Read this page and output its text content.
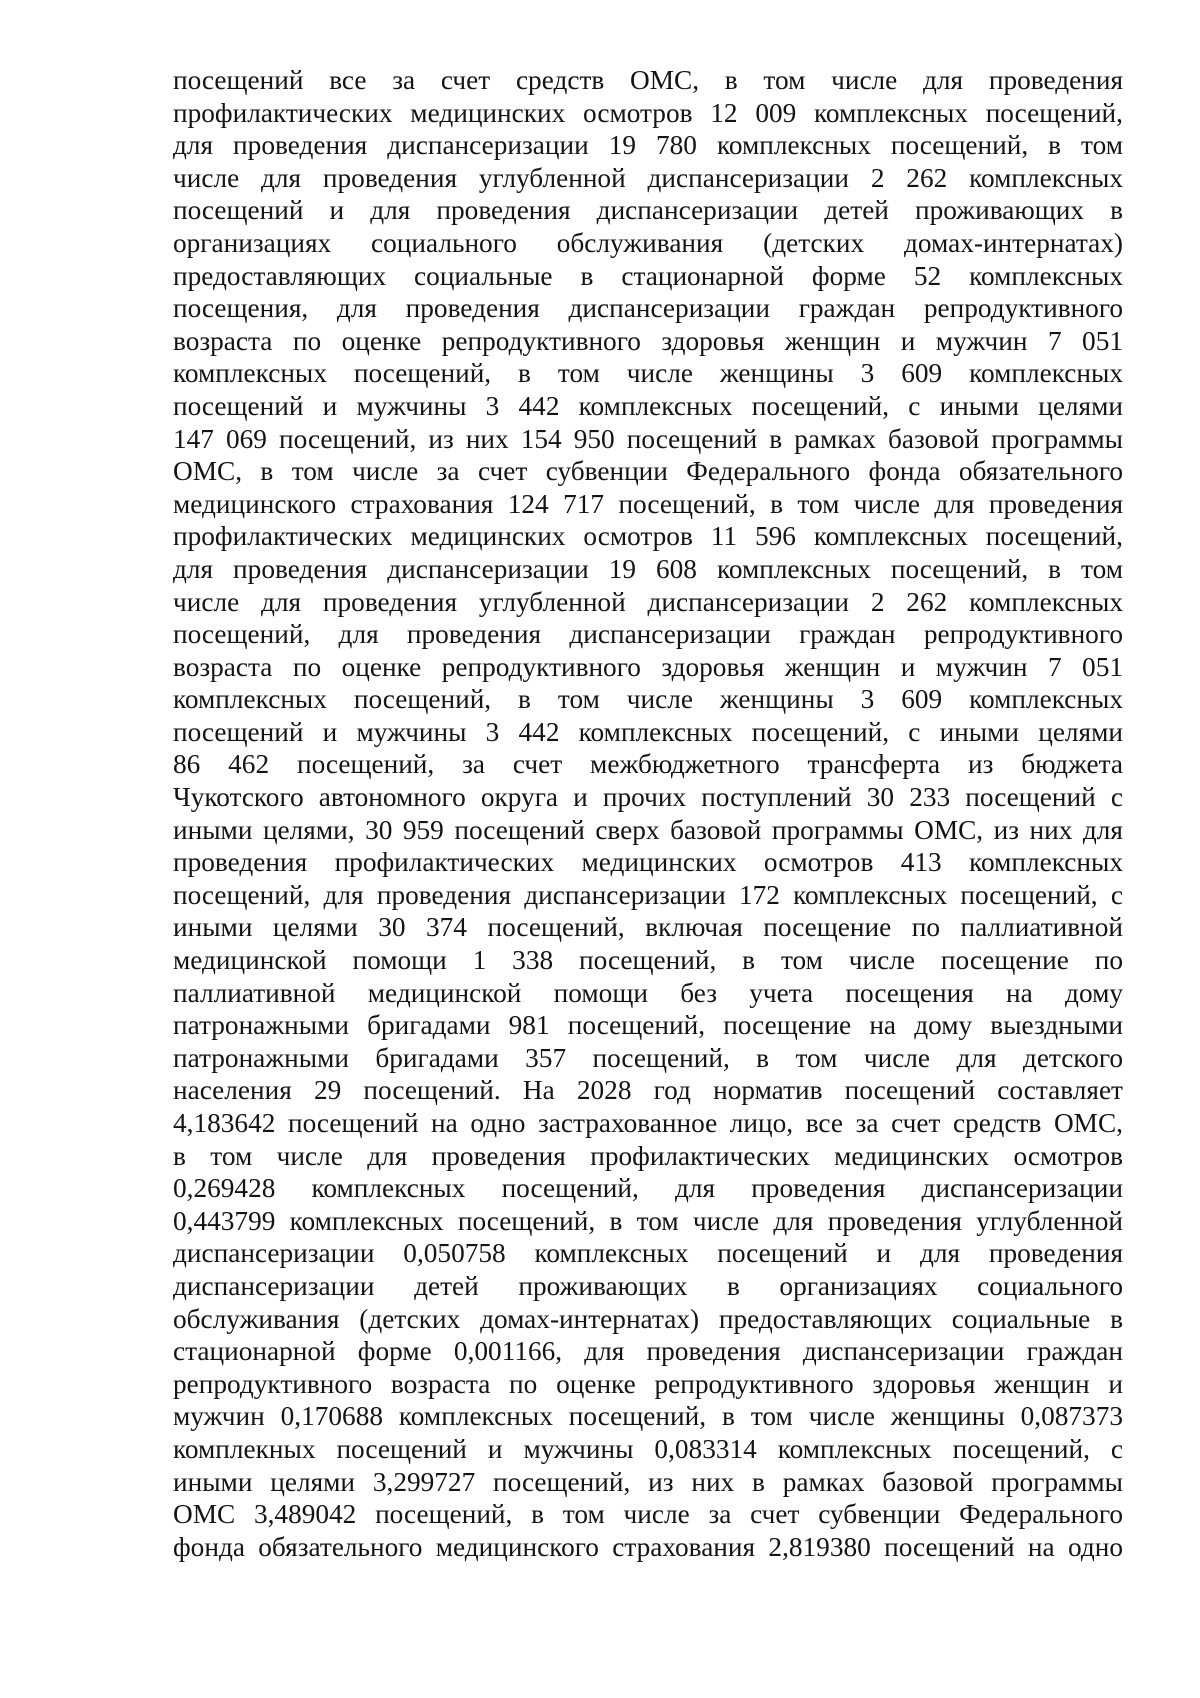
посещений все за счет средств ОМС, в том числе для проведения
профилактических медицинских осмотров 12 009 комплексных посещений,
для проведения диспансеризации 19 780 комплексных посещений, в том
числе для проведения углубленной диспансеризации 2 262 комплексных
посещений и для проведения диспансеризации детей проживающих в
организациях социального обслуживания (детских домах-интернатах)
предоставляющих социальные в стационарной форме 52 комплексных
посещения, для проведения диспансеризации граждан репродуктивного
возраста по оценке репродуктивного здоровья женщин и мужчин 7 051
комплексных посещений, в том числе женщины 3 609 комплексных
посещений и мужчины 3 442 комплексных посещений, с иными целями
147 069 посещений, из них 154 950 посещений в рамках базовой программы
ОМС, в том числе за счет субвенции Федерального фонда обязательного
медицинского страхования 124 717 посещений, в том числе для проведения
профилактических медицинских осмотров 11 596 комплексных посещений,
для проведения диспансеризации 19 608 комплексных посещений, в том
числе для проведения углубленной диспансеризации 2 262 комплексных
посещений, для проведения диспансеризации граждан репродуктивного
возраста по оценке репродуктивного здоровья женщин и мужчин 7 051
комплексных посещений, в том числе женщины 3 609 комплексных
посещений и мужчины 3 442 комплексных посещений, с иными целями
86 462 посещений, за счет межбюджетного трансферта из бюджета
Чукотского автономного округа и прочих поступлений 30 233 посещений с
иными целями, 30 959 посещений сверх базовой программы ОМС, из них для
проведения профилактических медицинских осмотров 413 комплексных
посещений, для проведения диспансеризации 172 комплексных посещений, с
иными целями 30 374 посещений, включая посещение по паллиативной
медицинской помощи 1 338 посещений, в том числе посещение по
паллиативной медицинской помощи без учета посещения на дому
патронажными бригадами 981 посещений, посещение на дому выездными
патронажными бригадами 357 посещений, в том числе для детского
населения 29 посещений. На 2028 год норматив посещений составляет
4,183642 посещений на одно застрахованное лицо, все за счет средств ОМС,
в том числе для проведения профилактических медицинских осмотров
0,269428 комплексных посещений, для проведения диспансеризации
0,443799 комплексных посещений, в том числе для проведения углубленной
диспансеризации 0,050758 комплексных посещений и для проведения
диспансеризации детей проживающих в организациях социального
обслуживания (детских домах-интернатах) предоставляющих социальные в
стационарной форме 0,001166, для проведения диспансеризации граждан
репродуктивного возраста по оценке репродуктивного здоровья женщин и
мужчин 0,170688 комплексных посещений, в том числе женщины 0,087373
комплекных посещений и мужчины 0,083314 комплексных посещений, с
иными целями 3,299727 посещений, из них в рамках базовой программы
ОМС 3,489042 посещений, в том числе за счет субвенции Федерального
фонда обязательного медицинского страхования 2,819380 посещений на одно
